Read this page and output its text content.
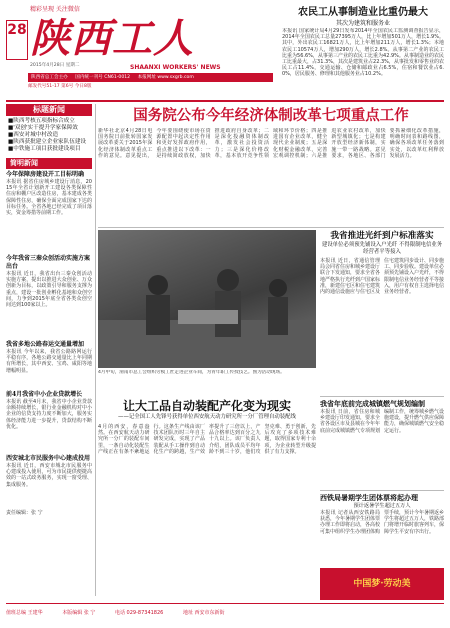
精彩呈现 关注微信
陕西工人
28
SHAANXI WORKERS' NEWS
2015年4月28日 星期二
陕西省总工会主办 国内统一刊号 CN61-0012 本报网址 www.sxgrb.com
邮发代号51-17 第6号 今日8版
农民工从事制造业比重仍最大
其次为建筑和服务业
本报讯 国家统计局4月29日发布2014年全国农民工监测调查报告显示，2014年全国农民工总量27395万人，比上年增加501万人，增长1.9%。其中，外出农民工16821万人，比上年增加211万人，增长1.3%；本地农民工10574万人，增加290万人，增长2.8%。从事第二产业的农民工比重为56.6%，从事第三产业的农民工比重为42.9%。从事制造业的农民工比重最大，占31.3%，其次是建筑业占22.3%，从事批发和零售业的农民工占11.4%，交通运输、仓储和邮政业占6.5%，住宿和餐饮业占6.0%，居民服务、修理和其他服务业占10.2%。
标题新闻
■陕西考核五项指标合成立
■'双创'实干提升学家保障效
■西安对城中村改造
■陕西获批建立企业家队伍建设
■中铁施工项目获批建设项目
简明新闻
今年保障房建设开工目标明确
本报讯 据省住房城乡建设厅消息，2015年全省计划新开工建设各类保障性住房和棚户区改造住房，基本建成各类保障性住房，确保全面完成国家下达的目标任务。全省各地已经完成了项目落实，资金筹措等前期工作。
今年我省三秦众创活动实施方案出台
本报讯 近日，我省出台三秦众创活动实施方案，提出以推进大众创业、万众创新为目标，以政策引导和服务支撑为重点，建设一批创业孵化基地和众创空间，力争到2015年底全省各类众创空间达到100家以上。
我省多地公路春运交通量增加
本报讯 今年以来，我省公路路网运行平稳有序，各地公路交通量比上年同期有所增长，其中西安、宝鸡、咸阳等地增幅明显。
前4月我省中小企业贷款增长
本报讯 截至4月末，我省中小企业贷款余额持续增长，银行业金融机构对中小企业的信贷支持力度不断加大，服务实体经济能力进一步提升，贷款结构不断优化。
西安城北市民服务中心建成投用
本报讯 近日，西安市城北市民服务中心建成投入使用，可为市民提供便捷高效的一站式政务服务，实现一窗受理、集成服务。
责任编辑：张 宁
国务院公布今年经济体制改革七项重点工作
新华社北京4月28日电 国务院日前批转国家发展改革委关于2015年深化经济体制改革重点工作的意见。意见提出，今年要围绕使市场在资源配置中起决定性作用和更好发挥政府作用，重点推进以下改革：一是持续简政放权，加快推进政府自身改革；二是深化投融资体制改革，激发社会投资活力；三是深化价格改革，基本放开竞争性领域和环节价格；四是推进国有企业改革，健全现代企业制度；五是深化财税金融改革，完善宏观调控机制；六是推进农业农村改革，加快新型城镇化；七是构建开放型经济新体制，实施一带一路战略。意见要求，各地区、各部门要抓紧细化改革措施，明确时间表和路线图，确保各项改革任务落到实处，以改革红利释放发展活力。
4月中旬，渭南市总工会组织劳模工匠走进企业车间，为青年职工传授技艺。图为活动现场。
我省推进光纤到户标准落实
建设单位必须预先铺设入户光纤 不得限制电信业务经营者平等接入
本报讯 近日，省通信管理局会同省住房和城乡建设厅联合下发通知，要求全省各地严格执行光纤到户国家标准，新建住宅区和住宅建筑内的通信设施应与住宅区及住宅建筑同步设计、同步施工、同步验收。建设单位必须预先铺设入户光纤，不得限制电信业务经营者平等接入，用户有权自主选择电信业务经营者。
我省年底前完成城镇燃气规划编制
本报讯 日前，省住房和城乡建设厅印发通知，要求全省各设区市及县城在今年年底前完成城镇燃气专项规划编制工作，统筹城乡燃气设施建设，提升燃气供应保障能力，确保城镇燃气安全稳定运行。
让大工品自动装配产化变为现实
——记全国工人先锋号获得单位西安航天动力研究所一分厂管理自动装配线
4月的西安，春意盎然。在西安航天动力研究所一分厂的装配车间里，一条自动化装配生产线正在有条不紊地运行。这条生产线由该厂技术团队历时三年自主研发完成，实现了产品装配从手工操作到自动化生产的跨越，生产效率提升了三倍以上，产品合格率达到百分之九十九以上。该厂负责人介绍，团队成员平均年龄不到三十岁，他们攻坚克难、勇于创新，先后攻克了多项技术难题，取得国家专利十余项，为企业转型升级提供了有力支撑。
西铁局暑期学生团体票将起办理
预计返暑学生超过五万人
本报讯 记者从西安铁路局获悉，今年暑期学生团体票办理工作即将启动，各高校可集中组织学生办理团体购票手续，预计今年暑期返乡学生将超过五万人，铁路部门将增开临时旅客列车，保障学生平安有序出行。
中国梦·劳动美
值班总编 王建华	本版编辑 张 宁	电话 029-87341826	地址 西安市东新街
